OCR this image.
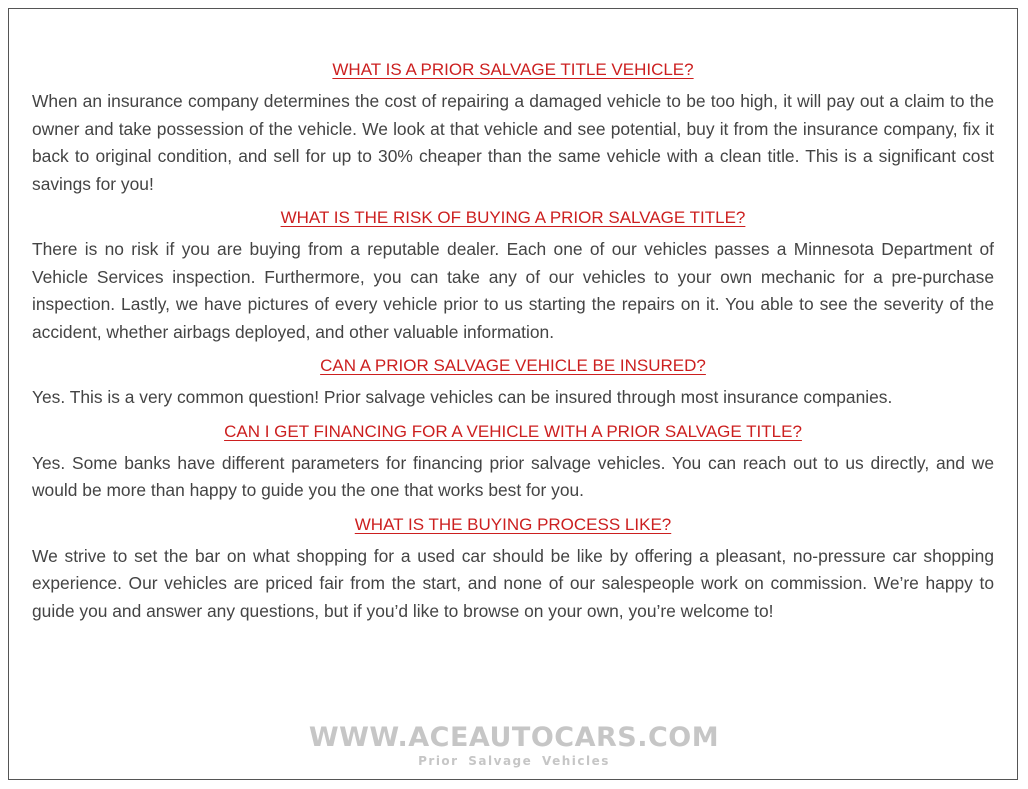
WHAT IS A PRIOR SALVAGE TITLE VEHICLE?

When an insurance company determines the cost of repairing a damaged vehicle to be too high, it will pay out a claim to the owner and take possession of the vehicle. We look at that vehicle and see potential, buy it from the insurance company, fix it back to original condition, and sell for up to 30% cheaper than the same vehicle with a clean title. This is a significant cost savings for you!

WHAT IS THE RISK OF BUYING A PRIOR SALVAGE TITLE?

There is no risk if you are buying from a reputable dealer. Each one of our vehicles passes a Minnesota Department of Vehicle Services inspection. Furthermore, you can take any of our vehicles to your own mechanic for a pre-purchase inspection. Lastly, we have pictures of every vehicle prior to us starting the repairs on it. You able to see the severity of the accident, whether airbags deployed, and other valuable information.

CAN A PRIOR SALVAGE VEHICLE BE INSURED?

Yes. This is a very common question! Prior salvage vehicles can be insured through most insurance companies.

CAN I GET FINANCING FOR A VEHICLE WITH A PRIOR SALVAGE TITLE?

Yes. Some banks have different parameters for financing prior salvage vehicles. You can reach out to us directly, and we would be more than happy to guide you the one that works best for you.

WHAT IS THE BUYING PROCESS LIKE?

We strive to set the bar on what shopping for a used car should be like by offering a pleasant, no-pressure car shopping experience. Our vehicles are priced fair from the start, and none of our salespeople work on commission. We’re happy to guide you and answer any questions, but if you’d like to browse on your own, you’re welcome to!

WWW.ACEAUTOCARS.COM
Prior Salvage Vehicles
